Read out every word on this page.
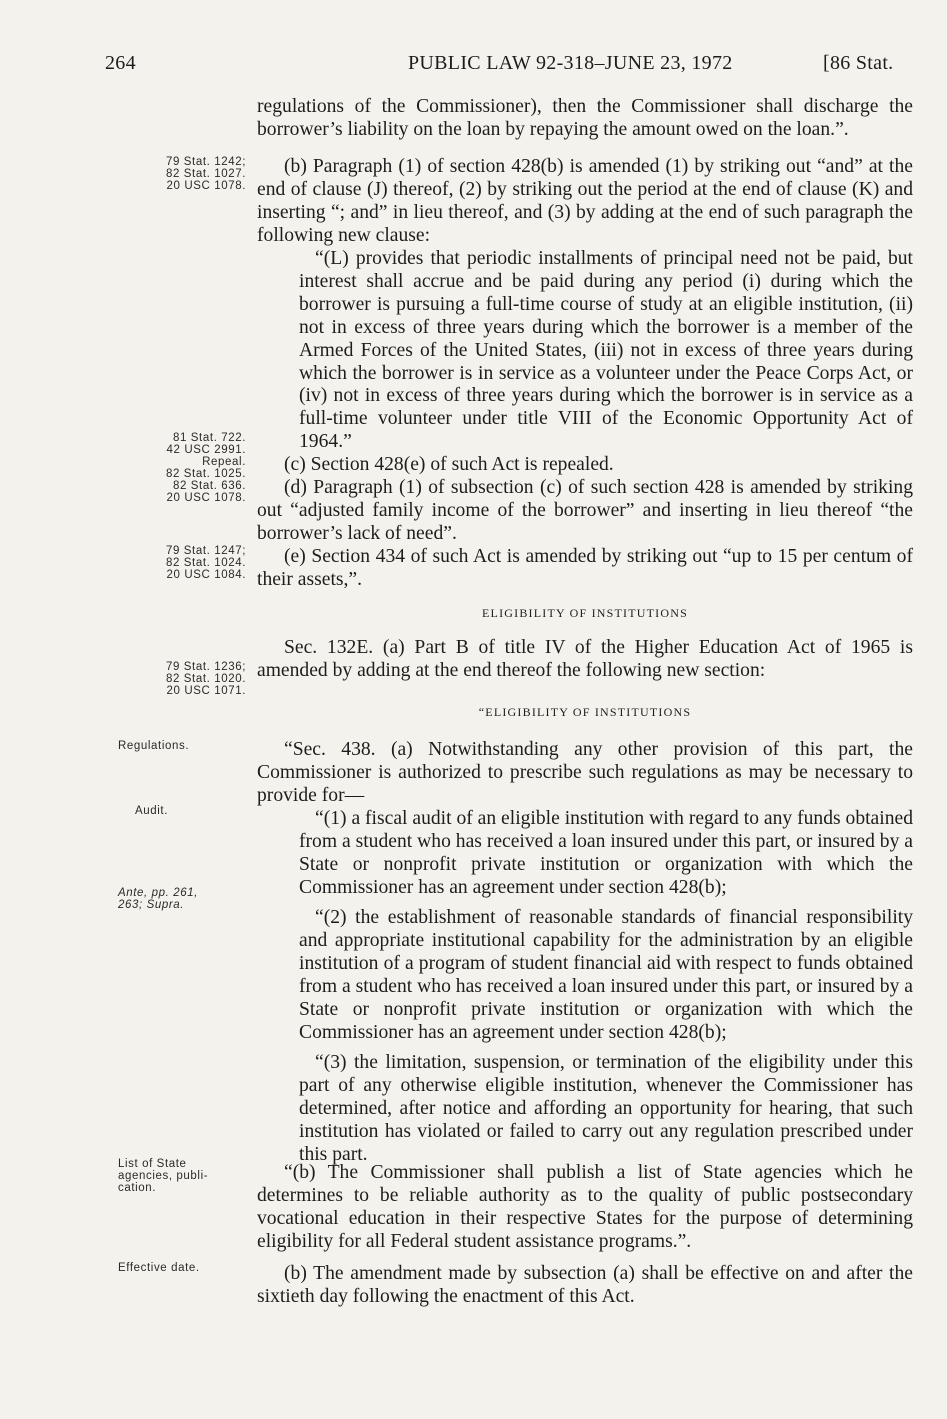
264	PUBLIC LAW 92-318–JUNE 23, 1972	[86 Stat.
79 Stat. 1242;
82 Stat. 1027.
20 USC 1078.
81 Stat. 722.
42 USC 2991.
Repeal.
82 Stat. 1025.
82 Stat. 636.
20 USC 1078.
79 Stat. 1247;
82 Stat. 1024.
20 USC 1084.
79 Stat. 1236;
82 Stat. 1020.
20 USC 1071.
Regulations.
Audit.
Ante, pp. 261,
263; Supra.
List of State
agencies, publi-
cation.
Effective date.

regulations of the Commissioner), then the Commissioner shall discharge the borrower’s liability on the loan by repaying the amount owed on the loan.”.

(b) Paragraph (1) of section 428(b) is amended (1) by striking out “and” at the end of clause (J) thereof, (2) by striking out the period at the end of clause (K) and inserting “; and” in lieu thereof, and (3) by adding at the end of such paragraph the following new clause:

“(L) provides that periodic installments of principal need not be paid, but interest shall accrue and be paid during any period (i) during which the borrower is pursuing a full-time course of study at an eligible institution, (ii) not in excess of three years during which the borrower is a member of the Armed Forces of the United States, (iii) not in excess of three years during which the borrower is in service as a volunteer under the Peace Corps Act, or (iv) not in excess of three years during which the borrower is in service as a full-time volunteer under title VIII of the Economic Opportunity Act of 1964.”

(c) Section 428(e) of such Act is repealed.

(d) Paragraph (1) of subsection (c) of such section 428 is amended by striking out “adjusted family income of the borrower” and inserting in lieu thereof “the borrower’s lack of need”.

(e) Section 434 of such Act is amended by striking out “up to 15 per centum of their assets,”.

ELIGIBILITY OF INSTITUTIONS

Sec. 132E. (a) Part B of title IV of the Higher Education Act of 1965 is amended by adding at the end thereof the following new section:

“ELIGIBILITY OF INSTITUTIONS

“Sec. 438. (a) Notwithstanding any other provision of this part, the Commissioner is authorized to prescribe such regulations as may be necessary to provide for—

“(1) a fiscal audit of an eligible institution with regard to any funds obtained from a student who has received a loan insured under this part, or insured by a State or nonprofit private institution or organization with which the Commissioner has an agreement under section 428(b);

“(2) the establishment of reasonable standards of financial responsibility and appropriate institutional capability for the administration by an eligible institution of a program of student financial aid with respect to funds obtained from a student who has received a loan insured under this part, or insured by a State or nonprofit private institution or organization with which the Commissioner has an agreement under section 428(b);

“(3) the limitation, suspension, or termination of the eligibility under this part of any otherwise eligible institution, whenever the Commissioner has determined, after notice and affording an opportunity for hearing, that such institution has violated or failed to carry out any regulation prescribed under this part.

“(b) The Commissioner shall publish a list of State agencies which he determines to be reliable authority as to the quality of public postsecondary vocational education in their respective States for the purpose of determining eligibility for all Federal student assistance programs.”.

(b) The amendment made by subsection (a) shall be effective on and after the sixtieth day following the enactment of this Act.
